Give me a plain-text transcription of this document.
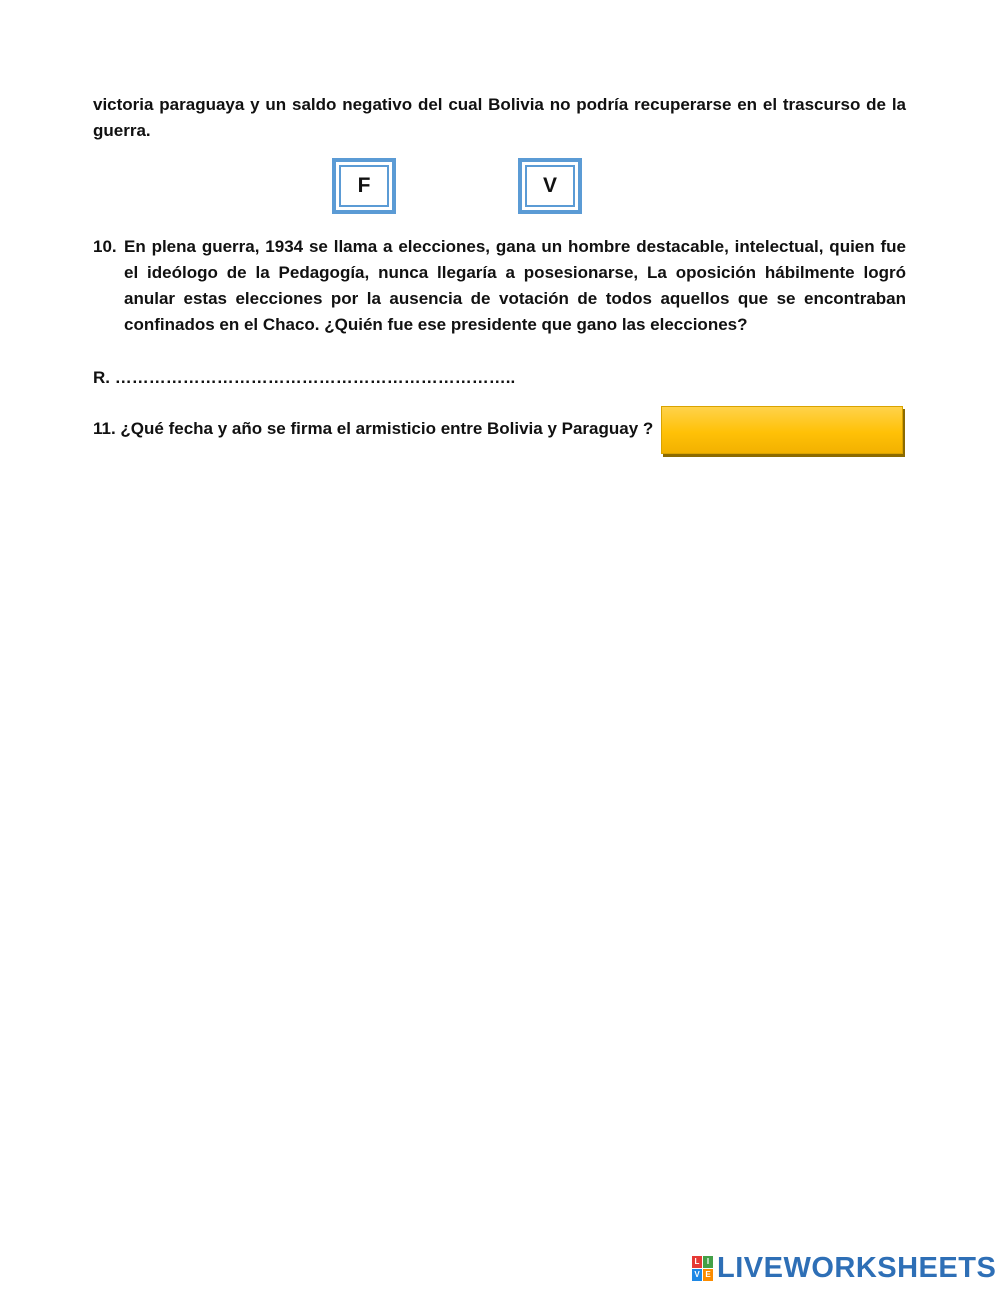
victoria paraguaya y un saldo negativo del cual Bolivia no podría recuperarse en el trascurso de la guerra.
F	V
10. En plena guerra, 1934 se llama a elecciones, gana un hombre destacable, intelectual, quien fue el ideólogo de la Pedagogía, nunca llegaría a posesionarse, La oposición hábilmente logró anular estas elecciones por la ausencia de votación de todos aquellos que se encontraban confinados en el Chaco. ¿Quién fue ese presidente que gano las elecciones?
R. ……………………………………………………………..
11. ¿Qué fecha y año se firma el armisticio entre Bolivia y Paraguay ?
L I
V E LIVEWORKSHEETS
